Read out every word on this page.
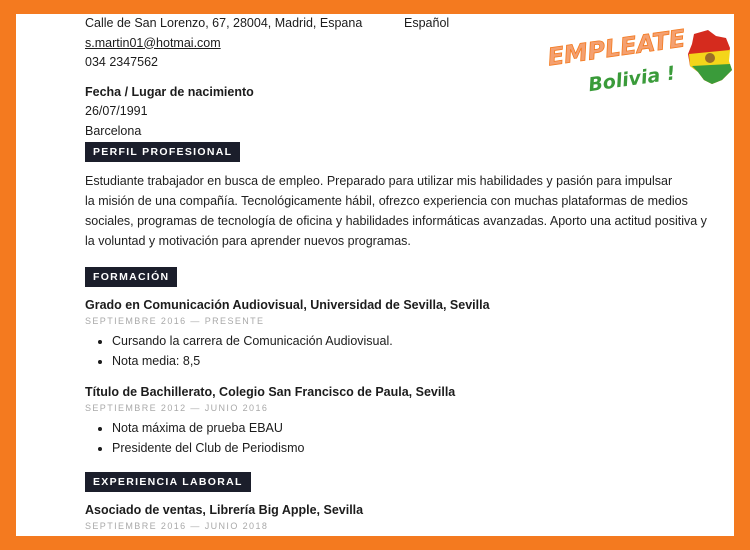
Calle de San Lorenzo, 67, 28004, Madrid, Espana	Español
s.martin01@hotmai.com
034 2347562
Fecha / Lugar de nacimiento
26/07/1991
Barcelona
PERFIL PROFESIONAL
Estudiante trabajador en busca de empleo. Preparado para utilizar mis habilidades y pasión para impulsar
la misión de una compañía. Tecnológicamente hábil, ofrezco experiencia con muchas plataformas de medios
sociales, programas de tecnología de oficina y habilidades informáticas avanzadas. Aporto una actitud positiva y
la voluntad y motivación para aprender nuevos programas.
FORMACIÓN
Grado en Comunicación Audiovisual, Universidad de Sevilla, Sevilla
SEPTIEMBRE 2016 — PRESENTE
• Cursando la carrera de Comunicación Audiovisual.
• Nota media: 8,5
Título de Bachillerato, Colegio San Francisco de Paula, Sevilla
SEPTIEMBRE 2012 — JUNIO 2016
• Nota máxima de prueba EBAU
• Presidente del Club de Periodismo
EXPERIENCIA LABORAL
Asociado de ventas, Librería Big Apple, Sevilla
SEPTIEMBRE 2016 — JUNIO 2018
EMPLEATE
Bolivia !
